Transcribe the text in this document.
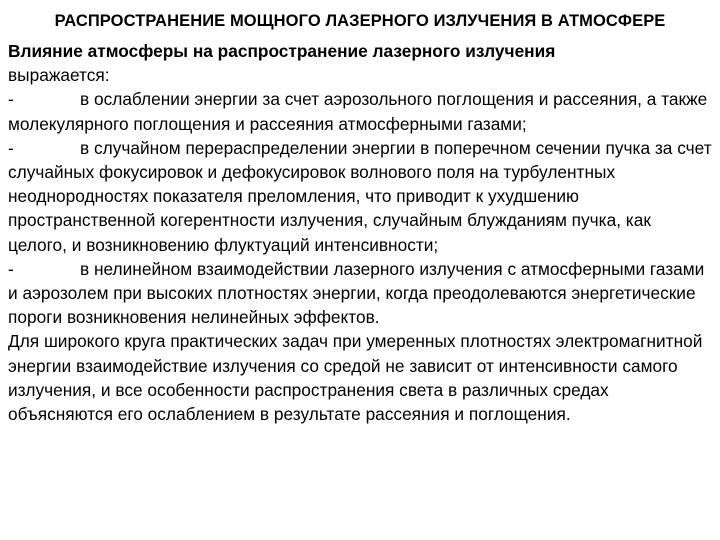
РАСПРОСТРАНЕНИЕ МОЩНОГО ЛАЗЕРНОГО ИЗЛУЧЕНИЯ В АТМОСФЕРЕ

Влияние атмосферы на распространение лазерного излучения
выражается:

-	в ослаблении энергии за счет аэрозольного поглощения и рассеяния, а также молекулярного поглощения и рассеяния атмосферными газами;

-	в случайном перераспределении энергии в поперечном сечении пучка за счет случайных фокусировок и дефокусировок волнового поля на турбулентных неоднородностях показателя преломления, что приводит к ухудшению пространственной когерентности излучения, случайным блужданиям пучка, как целого, и возникновению флуктуаций интенсивности;

-	в нелинейном взаимодействии лазерного излучения с атмосферными газами и аэрозолем при высоких плотностях энергии, когда преодолеваются энергетические пороги возникновения нелинейных эффектов.

Для широкого круга практических задач при умеренных плотностях электромагнитной энергии взаимодействие излучения со средой не зависит от интенсивности самого излучения, и все особенности распространения света в различных средах объясняются его ослаблением в результате рассеяния и поглощения.
